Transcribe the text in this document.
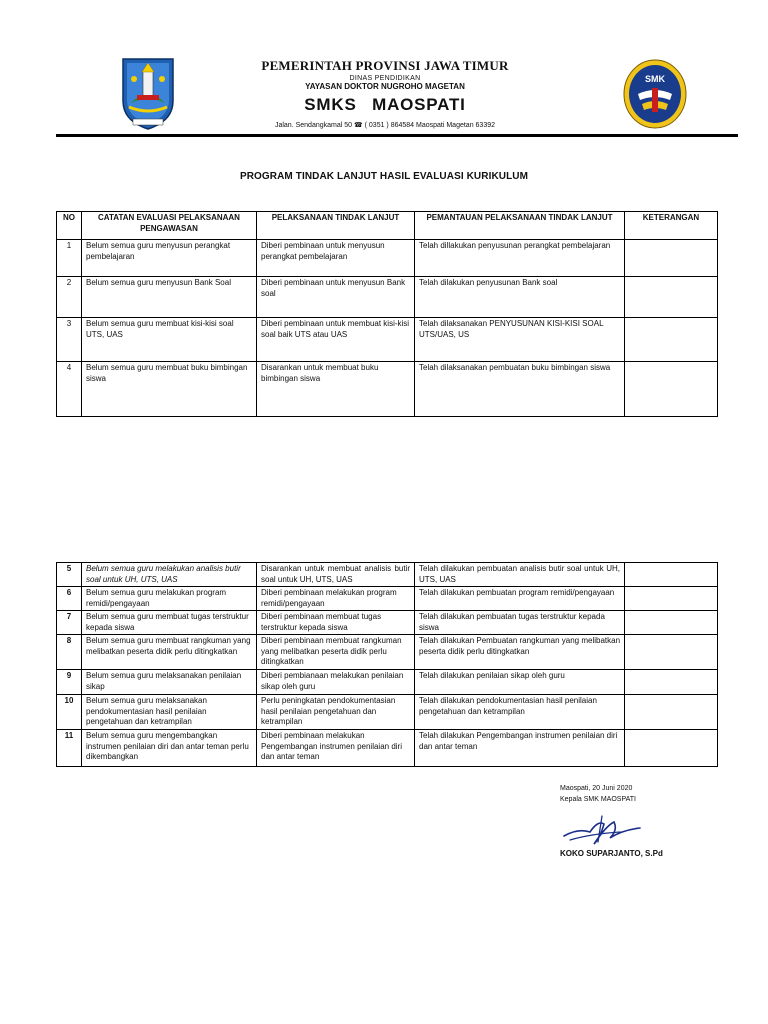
PEMERINTAH PROVINSI JAWA TIMUR
DINAS PENDIDIKAN
YAYASAN DOKTOR NUGROHO MAGETAN
SMKS MAOSPATI
Jalan. Sendangkamal 50 ☎ ( 0351 ) 864584 Maospati Magetan 63392
SMK
PROGRAM TINDAK LANJUT HASIL EVALUASI KURIKULUM
NO	CATATAN EVALUASI PELAKSANAAN PENGAWASAN	PELAKSANAAN TINDAK LANJUT	PEMANTAUAN PELAKSANAAN TINDAK LANJUT	KETERANGAN
1	Belum semua guru menyusun perangkat pembelajaran	Diberi pembinaan untuk menyusun perangkat pembelajaran	Telah dillakukan penyusunan perangkat pembelajaran	
2	Belum semua guru menyusun Bank Soal	Diberi pembinaan untuk menyusun Bank soal	Telah dilakukan penyusunan Bank soal	
3	Belum semua guru membuat kisi-kisi soal UTS, UAS	Diberi pembinaan untuk membuat kisi-kisi soal baik UTS atau UAS	Telah dilaksanakan PENYUSUNAN KISI-KISI SOAL UTS/UAS, US	
4	Belum semua guru membuat buku bimbingan siswa	Disarankan untuk membuat buku bimbingan siswa	Telah dilaksanakan pembuatan buku bimbingan siswa	
5	Belum semua guru melakukan analisis butir soal untuk UH, UTS, UAS	Disarankan untuk membuat analisis butir soal untuk UH, UTS, UAS	Telah dilakukan pembuatan analisis butir soal untuk UH, UTS, UAS	
6	Belum semua guru melakukan program remidi/pengayaan	Diberi pembinaan melakukan program remidi/pengayaan	Telah dilakukan pembuatan program remidi/pengayaan	
7	Belum semua guru membuat tugas terstruktur kepada siswa	Diberi pembinaan membuat tugas terstruktur kepada siswa	Telah dilakukan pembuatan tugas terstruktur kepada siswa	
8	Belum semua guru membuat rangkuman yang melibatkan peserta didik perlu ditingkatkan	Diberi pembinaan membuat rangkuman yang melibatkan peserta didik perlu ditingkatkan	Telah dilakukan Pembuatan rangkuman yang melibatkan peserta didik perlu ditingkatkan	
9	Belum semua guru melaksanakan penilaian sikap	Diberi pembianaan melakukan penilaian sikap oleh guru	Telah dilakukan penilaian sikap oleh guru	
10	Belum semua guru melaksanakan pendokumentasian hasil penilaian pengetahuan dan ketrampilan	Perlu peningkatan pendokumentasian hasil penilaian pengetahuan dan ketrampilan	Telah dilakukan pendokumentasian hasil penilaian pengetahuan dan ketrampilan	
11	Belum semua guru mengembangkan instrumen penilaian diri dan antar teman perlu dikembangkan	Diberi pembinaan melakukan Pengembangan instrumen penilaian diri dan antar teman	Telah dilakukan Pengembangan instrumen penilaian diri dan antar teman	
Maospati, 20 Juni 2020
Kepala SMK MAOSPATI
KOKO SUPARJANTO, S.Pd
